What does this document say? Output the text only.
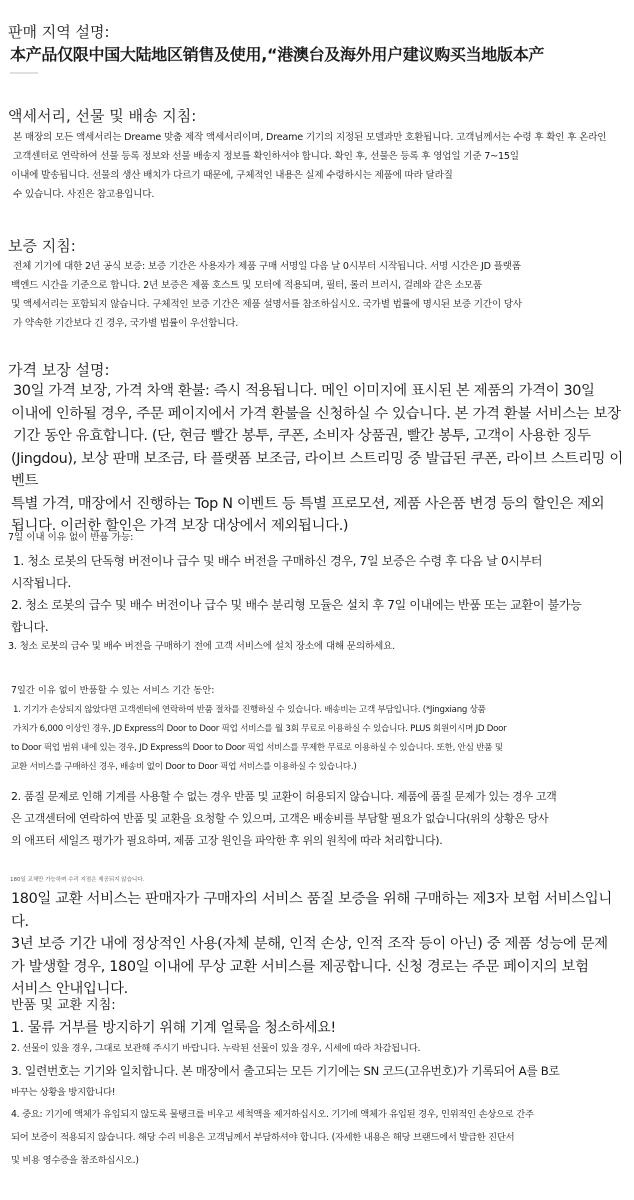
판매 지역 설명:
本产品仅限中国大陆地区销售及使用,“港澳台及海外用户建议购买当地版本产
액세서리, 선물 및 배송 지침:

본 매장의 모든 액세서리는 Dreame 맞춤 제작 액세서리이며, Dreame 기기의 지정된 모델과만 호환됩니다. 고객님께서는 수령 후 확인 후 온라인

고객센터로 연락하여 선물 등록 정보와 선물 배송지 정보를 확인하셔야 합니다. 확인 후, 선물은 등록 후 영업일 기준 7~15일

이내에 발송됩니다. 선물의 생산 배치가 다르기 때문에, 구체적인 내용은 실제 수령하시는 제품에 따라 달라질

수 있습니다. 사진은 참고용입니다.

보증 지침:

전체 기기에 대한 2년 공식 보증: 보증 기간은 사용자가 제품 구매 서명일 다음 날 0시부터 시작됩니다. 서명 시간은 JD 플랫폼

백엔드 시간을 기준으로 합니다. 2년 보증은 제품 호스트 및 모터에 적용되며, 필터, 롤러 브러시, 걸레와 같은 소모품

및 액세서리는 포함되지 않습니다. 구체적인 보증 기간은 제품 설명서를 참조하십시오. 국가별 법률에 명시된 보증 기간이 당사

가 약속한 기간보다 긴 경우, 국가별 법률이 우선합니다.

가격 보장 설명:

30일 가격 보장, 가격 차액 환불: 즉시 적용됩니다. 메인 이미지에 표시된 본 제품의 가격이 30일

이내에 인하될 경우, 주문 페이지에서 가격 환불을 신청하실 수 있습니다. 본 가격 환불 서비스는 보장

기간 동안 유효합니다. (단, 현금 빨간 봉투, 쿠폰, 소비자 상품권, 빨간 봉투, 고객이 사용한 징두

(Jingdou), 보상 판매 보조금, 타 플랫폼 보조금, 라이브 스트리밍 중 발급된 쿠폰, 라이브 스트리밍 이벤트

특별 가격, 매장에서 진행하는 Top N 이벤트 등 특별 프로모션, 제품 사은품 변경 등의 할인은 제외

됩니다. 이러한 할인은 가격 보장 대상에서 제외됩니다.)

7일 이내 이유 없이 반품 가능:

1. 청소 로봇의 단독형 버전이나 급수 및 배수 버전을 구매하신 경우, 7일 보증은 수령 후 다음 날 0시부터

시작됩니다.

2. 청소 로봇의 급수 및 배수 버전이나 급수 및 배수 분리형 모듈은 설치 후 7일 이내에는 반품 또는 교환이 불가능

합니다.

3. 청소 로봇의 급수 및 배수 버전을 구매하기 전에 고객 서비스에 설치 장소에 대해 문의하세요.
7일간 이유 없이 반품할 수 있는 서비스 기간 동안:

1. 기기가 손상되지 않았다면 고객센터에 연락하여 반품 절차를 진행하실 수 있습니다. 배송비는 고객 부담입니다. (*Jingxiang 상품

가치가 6,000 이상인 경우, JD Express의 Door to Door 픽업 서비스를 월 3회 무료로 이용하실 수 있습니다. PLUS 회원이시며 JD Door

to Door 픽업 범위 내에 있는 경우, JD Express의 Door to Door 픽업 서비스를 무제한 무료로 이용하실 수 있습니다. 또한, 안심 반품 및

교환 서비스를 구매하신 경우, 배송비 없이 Door to Door 픽업 서비스를 이용하실 수 있습니다.)

2. 품질 문제로 인해 기계를 사용할 수 없는 경우 반품 및 교환이 허용되지 않습니다. 제품에 품질 문제가 있는 경우 고객

은 고객센터에 연락하여 반품 및 교환을 요청할 수 있으며, 고객은 배송비를 부담할 필요가 없습니다(위의 상황은 당사

의 애프터 세일즈 평가가 필요하며, 제품 고장 원인을 파악한 후 위의 원칙에 따라 처리합니다).

180일 교체만 가능하며 수리 지점은 제공되지 않습니다.

180일 교환 서비스는 판매자가 구매자의 서비스 품질 보증을 위해 구매하는 제3자 보험 서비스입니다.

3년 보증 기간 내에 정상적인 사용(자체 분해, 인적 손상, 인적 조작 등이 아닌) 중 제품 성능에 문제

가 발생할 경우, 180일 이내에 무상 교환 서비스를 제공합니다. 신청 경로는 주문 페이지의 보험

서비스 안내입니다.

반품 및 교환 지침:
1. 물류 거부를 방지하기 위해 기계 얼룩을 청소하세요!
2. 선물이 있을 경우, 그대로 보관해 주시기 바랍니다. 누락된 선물이 있을 경우, 시세에 따라 차감됩니다.

3. 일련번호는 기기와 일치합니다. 본 매장에서 출고되는 모든 기기에는 SN 코드(고유번호)가 기록되어 A를 B로

바꾸는 상황을 방지합니다!

4. 중요: 기기에 액체가 유입되지 않도록 물탱크를 비우고 세척액을 제거하십시오. 기기에 액체가 유입된 경우, 인위적인 손상으로 간주

되어 보증이 적용되지 않습니다. 해당 수리 비용은 고객님께서 부담하셔야 합니다. (자세한 내용은 해당 브랜드에서 발급한 진단서

및 비용 영수증을 참조하십시오.)
